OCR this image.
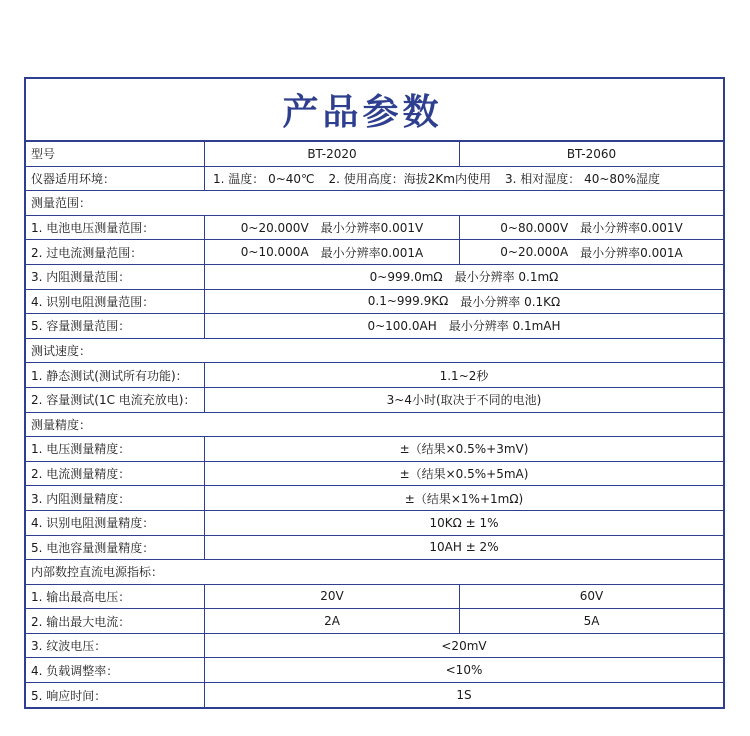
产品参数
型号	BT-2020	BT-2060
仪器适用环境：	1. 温度： 0~40℃ 2. 使用高度：海拔2Km内使用 3. 相对湿度： 40~80%湿度
测量范围：
1. 电池电压测量范围：	0~20.000V 最小分辨率0.001V	0~80.000V 最小分辨率0.001V
2. 过电流测量范围：	0~10.000A 最小分辨率0.001A	0~20.000A 最小分辨率0.001A
3. 内阻测量范围：	0~999.0mΩ 最小分辨率 0.1mΩ
4. 识别电阻测量范围：	0.1~999.9KΩ 最小分辨率 0.1KΩ
5. 容量测量范围：	0~100.0AH 最小分辨率 0.1mAH
测试速度：
1. 静态测试(测试所有功能)：	1.1~2秒
2. 容量测试(1C 电流充放电)：	3~4小时(取决于不同的电池)
测量精度：
1. 电压测量精度：	±（结果×0.5%+3mV)
2. 电流测量精度：	±（结果×0.5%+5mA)
3. 内阻测量精度：	±（结果×1%+1mΩ)
4. 识别电阻测量精度：	10KΩ ± 1%
5. 电池容量测量精度：	10AH ± 2%
内部数控直流电源指标：
1. 输出最高电压：	20V	60V
2. 输出最大电流：	2A	5A
3. 纹波电压：	<20mV
4. 负载调整率：	<10%
5. 响应时间：	1S
